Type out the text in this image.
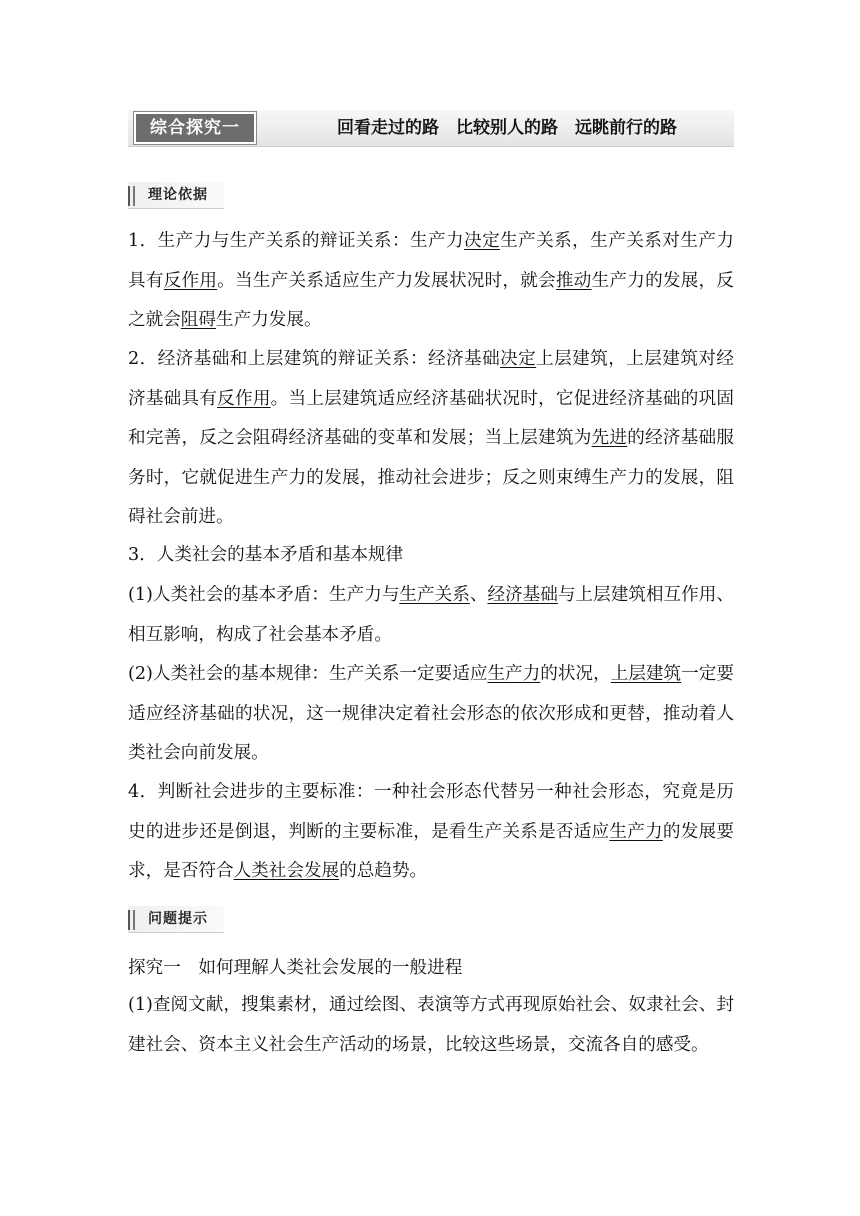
综合探究一	回看走过的路　比较别人的路　远眺前行的路
理论依据

1．生产力与生产关系的辩证关系：生产力决定生产关系，生产关系对生产力具有反作用。当生产关系适应生产力发展状况时，就会推动生产力的发展，反之就会阻碍生产力发展。

2．经济基础和上层建筑的辩证关系：经济基础决定上层建筑，上层建筑对经济基础具有反作用。当上层建筑适应经济基础状况时，它促进经济基础的巩固和完善，反之会阻碍经济基础的变革和发展；当上层建筑为先进的经济基础服务时，它就促进生产力的发展，推动社会进步；反之则束缚生产力的发展，阻碍社会前进。

3．人类社会的基本矛盾和基本规律

(1)人类社会的基本矛盾：生产力与生产关系、经济基础与上层建筑相互作用、相互影响，构成了社会基本矛盾。

(2)人类社会的基本规律：生产关系一定要适应生产力的状况，上层建筑一定要适应经济基础的状况，这一规律决定着社会形态的依次形成和更替，推动着人类社会向前发展。

4．判断社会进步的主要标准：一种社会形态代替另一种社会形态，究竟是历史的进步还是倒退，判断的主要标准，是看生产关系是否适应生产力的发展要求，是否符合人类社会发展的总趋势。

问题提示
探究一　如何理解人类社会发展的一般进程

(1)查阅文献，搜集素材，通过绘图、表演等方式再现原始社会、奴隶社会、封建社会、资本主义社会生产活动的场景，比较这些场景，交流各自的感受。
